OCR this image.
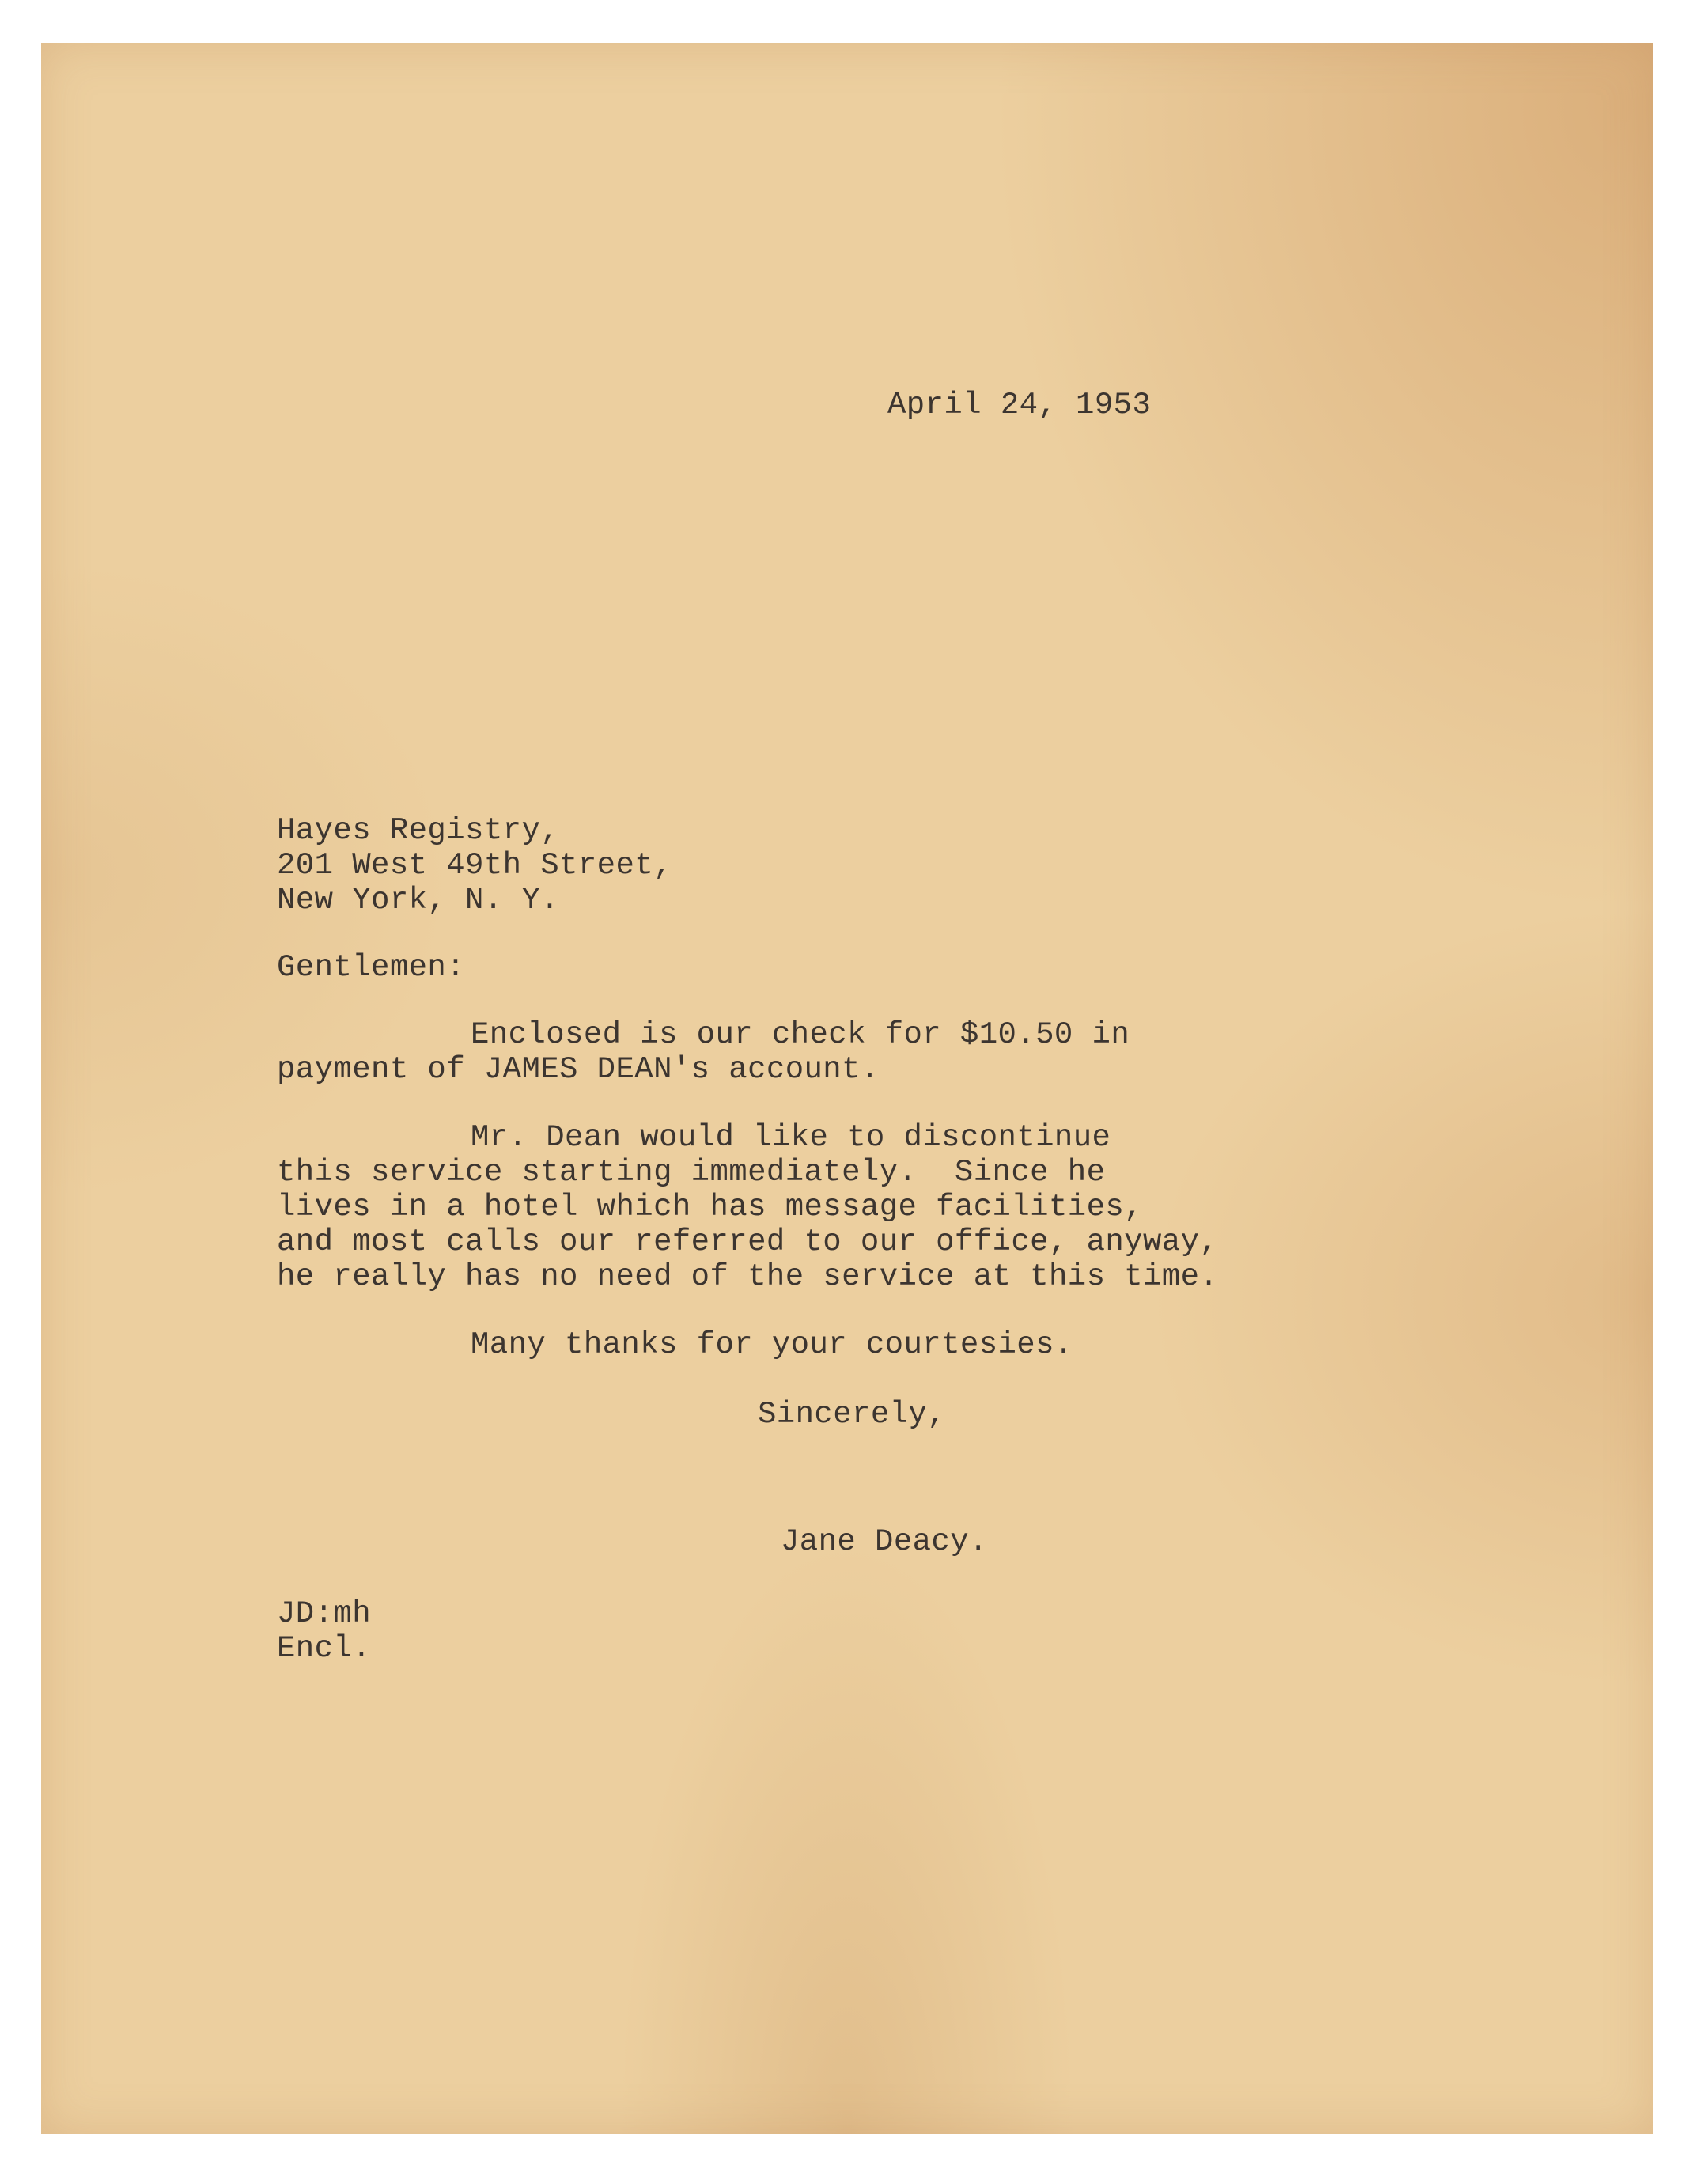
April 24, 1953

Hayes Registry,

201 West 49th Street,

New York, N. Y.

Gentlemen:

Enclosed is our check for $10.50 in

payment of JAMES DEAN's account.

Mr. Dean would like to discontinue

this service starting immediately.  Since he

lives in a hotel which has message facilities,

and most calls our referred to our office, anyway,

he really has no need of the service at this time.

Many thanks for your courtesies.

Sincerely,

Jane Deacy.

JD:mh

Encl.
